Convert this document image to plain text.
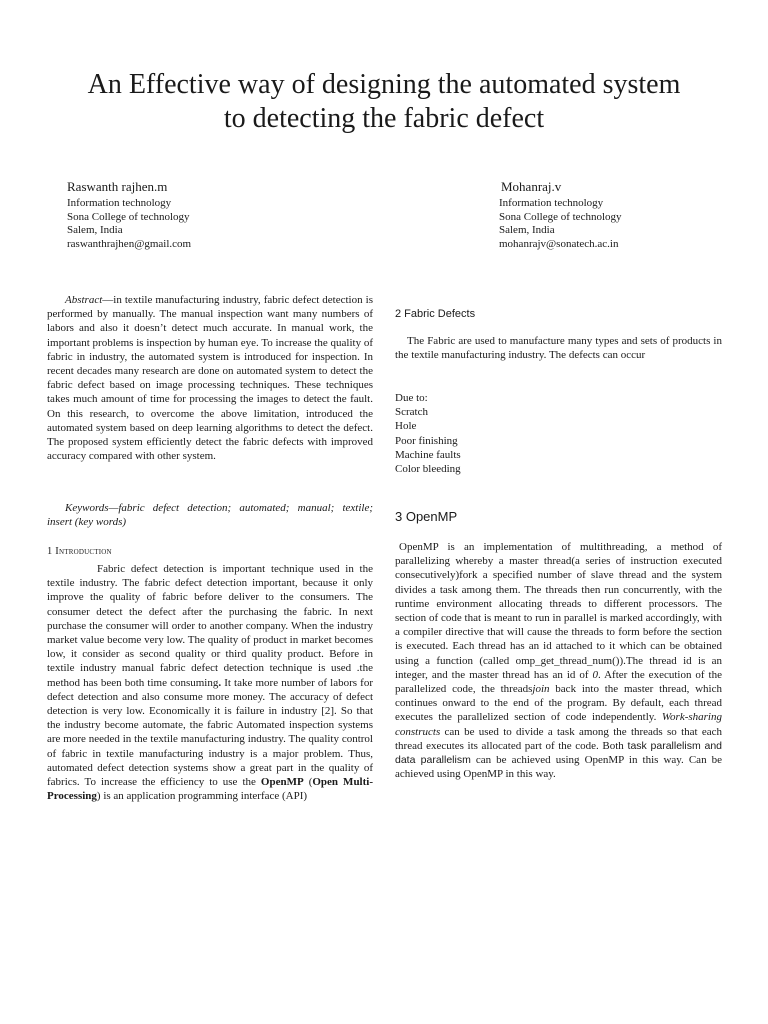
An Effective way of designing the automated system
to detecting the fabric defect
Raswanth rajhen.m
Information technology
Sona College of technology
Salem, India
raswanthrajhen@gmail.com
Mohanraj.v
Information technology
Sona College of technology
Salem, India
mohanrajv@sonatech.ac.in

Abstract—in textile manufacturing industry, fabric defect detection is performed by manually. The manual inspection want many numbers of labors and also it doesn’t detect much accurate. In manual work, the important problems is inspection by human eye. To increase the quality of fabric in industry, the automated system is introduced for inspection. In recent decades many research are done on automated system to detect the fabric defect based on image processing techniques. These techniques takes much amount of time for processing the images to detect the fault. On this research, to overcome the above limitation, introduced the automated system based on deep learning algorithms to detect the defect. The proposed system efficiently detect the fabric defects with improved accuracy compared with other system.

Keywords—fabric defect detection; automated; manual; textile; insert (key words)

1 Introduction

Fabric defect detection is important technique used in the textile industry. The fabric defect detection important, because it only improve the quality of fabric before deliver to the consumers. The consumer detect the defect after the purchasing the fabric. In next purchase the consumer will order to another company. When the industry market value become very low. The quality of product in market becomes low, it consider as second quality or third quality product. Before in textile industry manual fabric defect detection technique is used .the method has been both time consuming. It take more number of labors for defect detection and also consume more money. The accuracy of defect detection is very low. Economically it is failure in industry [2]. So that the industry become automate, the fabric Automated inspection systems are more needed in the textile manufacturing industry. The quality control of fabric in textile manufacturing industry is a major problem. Thus, automated defect detection systems show a great part in the quality of fabrics. To increase the efficiency to use the OpenMP (Open Multi-Processing) is an application programming interface (API)

2 Fabric Defects

The Fabric are used to manufacture many types and sets of products in the textile manufacturing industry. The defects can occur

Due to:
Scratch
Hole
Poor finishing
Machine faults
Color bleeding
3 OpenMP

OpenMP is an implementation of multithreading, a method of parallelizing whereby a master thread(a series of instruction executed consecutively)fork a specified number of slave thread and the system divides a task among them. The threads then run concurrently, with the runtime environment allocating threads to different processors. The section of code that is meant to run in parallel is marked accordingly, with a compiler directive that will cause the threads to form before the section is executed. Each thread has an id attached to it which can be obtained using a function (called omp_get_thread_num()).The thread id is an integer, and the master thread has an id of 0. After the execution of the parallelized code, the threadsjoin back into the master thread, which continues onward to the end of the program. By default, each thread executes the parallelized section of code independently. Work-sharing constructs can be used to divide a task among the threads so that each thread executes its allocated part of the code. Both task parallelism and data parallelism can be achieved using OpenMP in this way. Can be achieved using OpenMP in this way.
